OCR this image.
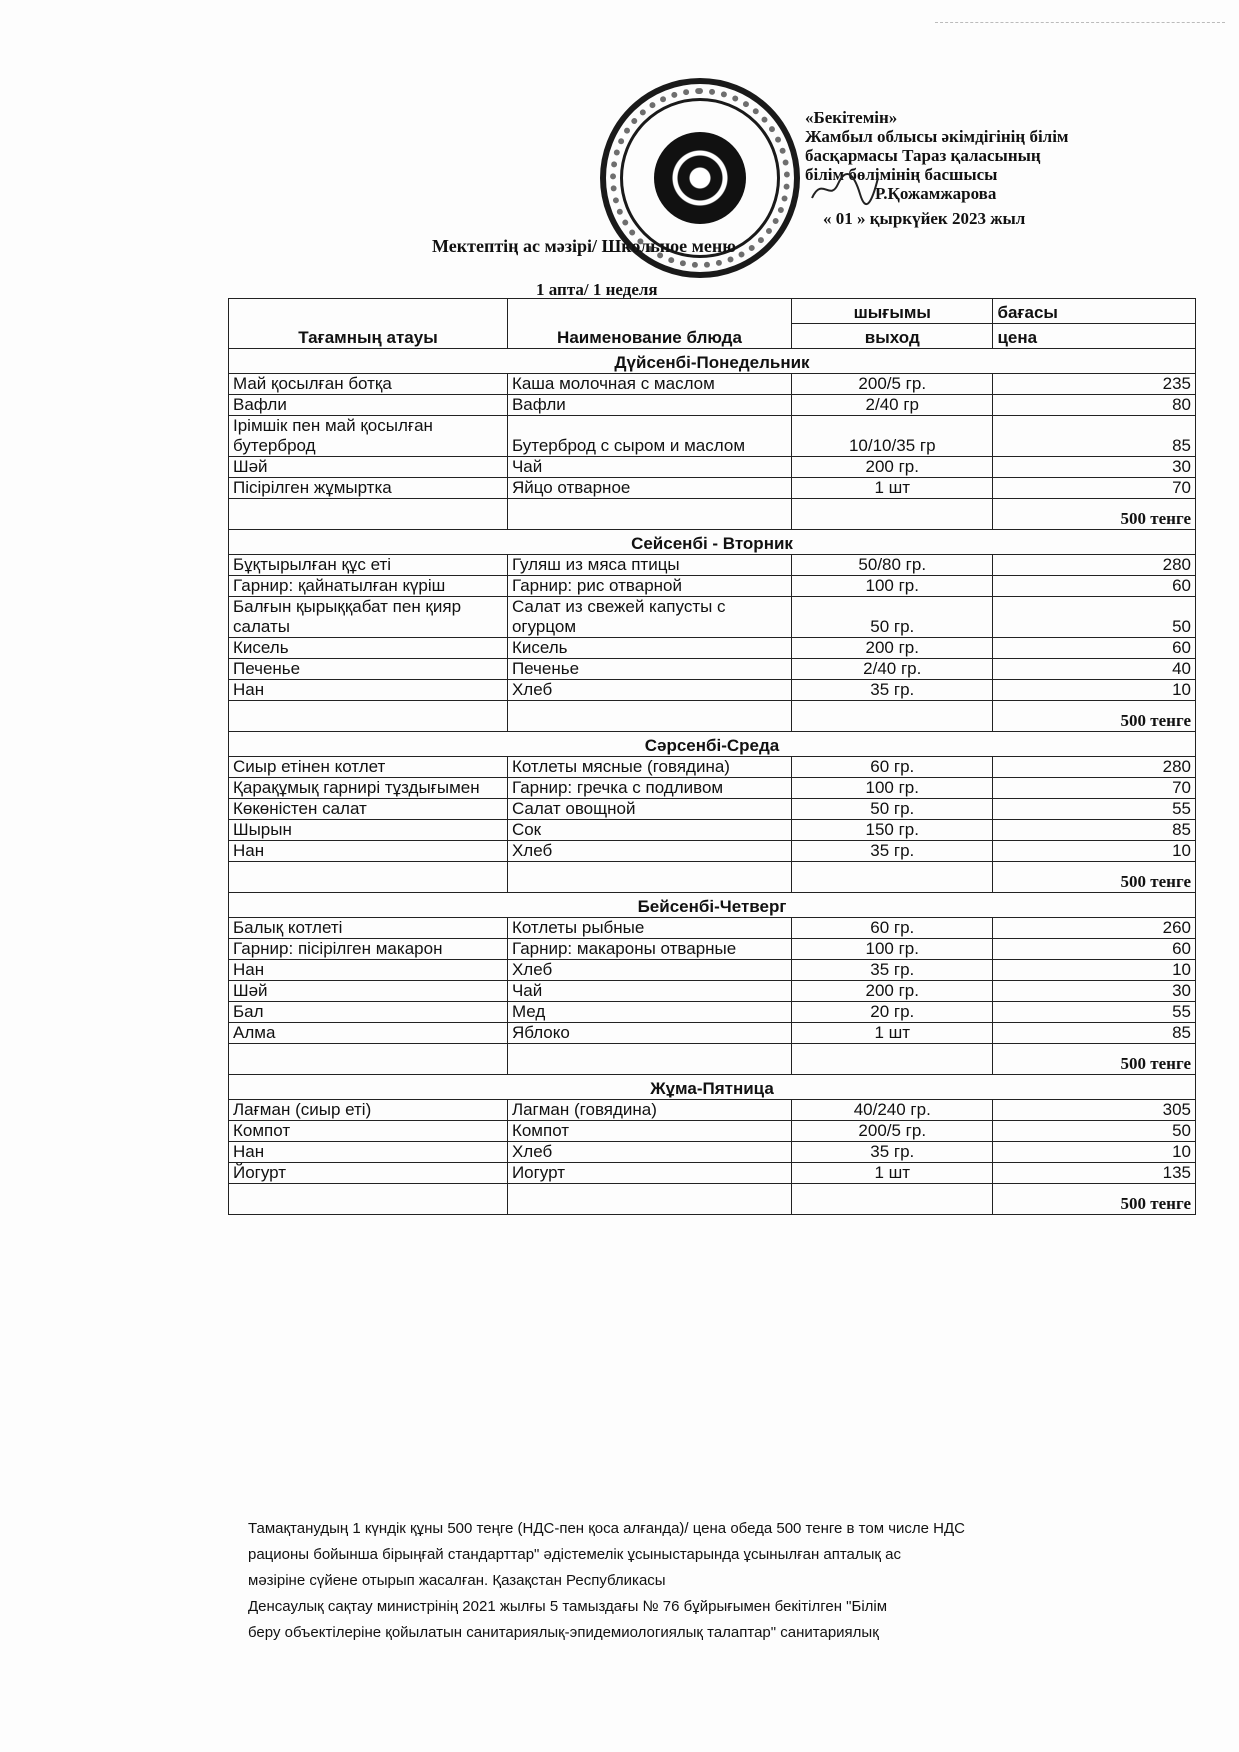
«Бекітемін»
Жамбыл облысы әкімдігінің білім
басқармасы Тараз қаласының
білім бөлімінің басшысы
Р.Қожамжарова
« 01 » қыркүйек 2023 жыл
Мектептің ас мәзірі/ Школьное меню
1 апта/ 1 неделя
Тағамның атауы	Наименование блюда	шығымы	бағасы
		выход	цена
Дүйсенбі-Понедельник			
Май қосылған ботқа	Каша молочная с маслом	200/5 гр.	235
Вафли	Вафли	2/40 гр	80
Ірімшік пен май қосылған бутерброд	Бутерброд с сыром и маслом	10/10/35 гр	85
Шәй	Чай	200 гр.	30
Пісірілген жұмыртка	Яйцо отварное	1 шт	70
			500 тенге
Сейсенбі - Вторник			
Бұқтырылған құс еті	Гуляш из мяса птицы	50/80 гр.	280
Гарнир: қайнатылған күріш	Гарнир: рис отварной	100 гр.	60
Балғын қырыққабат пен қияр салаты	Салат из свежей капусты с огурцом	50 гр.	50
Кисель	Кисель	200 гр.	60
Печенье	Печенье	2/40 гр.	40
Нан	Хлеб	35 гр.	10
			500 тенге
Сәрсенбі-Среда			
Сиыр етінен котлет	Котлеты мясные (говядина)	60 гр.	280
Қарақұмық гарнирі тұздығымен	Гарнир: гречка с подливом	100 гр.	70
Көкөністен салат	Салат овощной	50 гр.	55
Шырын	Сок	150 гр.	85
Нан	Хлеб	35 гр.	10
			500 тенге
Бейсенбі-Четверг			
Балық котлеті	Котлеты рыбные	60 гр.	260
Гарнир: пісірілген макарон	Гарнир: макароны отварные	100 гр.	60
Нан	Хлеб	35 гр.	10
Шәй	Чай	200 гр.	30
Бал	Мед	20 гр.	55
Алма	Яблоко	1 шт	85
			500 тенге
Жұма-Пятница			
Лағман (сиыр еті)	Лагман (говядина)	40/240 гр.	305
Компот	Компот	200/5 гр.	50
Нан	Хлеб	35 гр.	10
Йогурт	Иогурт	1 шт	135
			500 тенге

Тамақтанудың 1 күндік құны 500 теңге (НДС-пен қоса алғанда)/ цена обеда 500 тенге в том числе НДС

рационы бойынша бірыңғай стандарттар" әдістемелік ұсыныстарында ұсынылған апталық ас

мәзіріне сүйене отырып жасалған. Қазақстан Республикасы

Денсаулық сақтау министрінің 2021 жылғы 5 тамыздағы № 76 бұйрығымен бекітілген "Білім

беру объектілеріне қойылатын санитариялық-эпидемиологиялық талаптар" санитариялық
